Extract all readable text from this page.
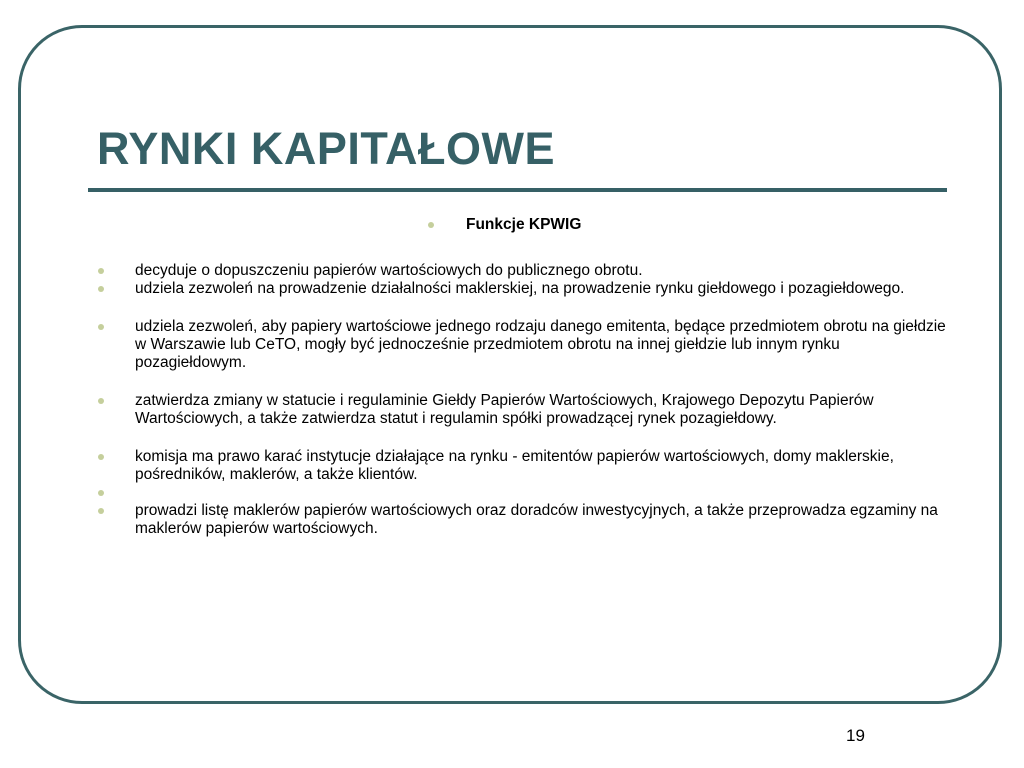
RYNKI KAPITAŁOWE
Funkcje KPWIG
decyduje o dopuszczeniu papierów wartościowych do publicznego obrotu.
udziela zezwoleń na prowadzenie działalności maklerskiej, na prowadzenie rynku giełdowego i pozagiełdowego.
udziela zezwoleń, aby papiery wartościowe jednego rodzaju danego emitenta, będące przedmiotem obrotu na giełdzie w Warszawie lub CeTO, mogły być jednocześnie przedmiotem obrotu na innej giełdzie lub innym rynku pozagiełdowym.
zatwierdza zmiany w statucie i regulaminie Giełdy Papierów Wartościowych, Krajowego Depozytu Papierów Wartościowych, a także zatwierdza statut i regulamin spółki prowadzącej rynek pozagiełdowy.
komisja ma prawo karać instytucje działające na rynku - emitentów papierów wartościowych, domy maklerskie, pośredników, maklerów, a także klientów.
prowadzi listę maklerów papierów wartościowych oraz doradców inwestycyjnych, a także przeprowadza egzaminy na maklerów papierów wartościowych.
19
